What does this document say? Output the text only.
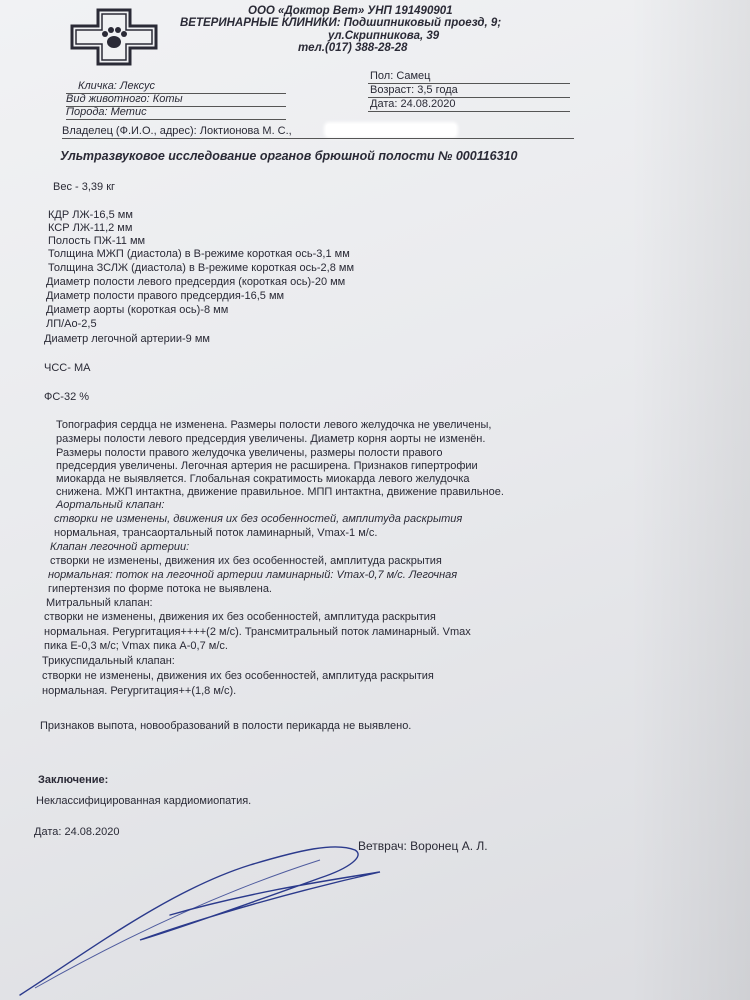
ООО «Доктор Вет» УНП 191490901
ВЕТЕРИНАРНЫЕ КЛИНИКИ: Подшипниковый проезд, 9;
ул.Скрипникова, 39
тел.(017) 388-28-28
Кличка: Лексус
Вид животного: Коты
Порода: Метис
Пол: Самец
Возраст: 3,5 года
Дата: 24.08.2020
Владелец (Ф.И.О., адрес): Локтионова М. С.,
Ультразвуковое исследование органов брюшной полости № 000116310
Вес - 3,39 кг
КДР ЛЖ-16,5 мм
КСР ЛЖ-11,2 мм
Полость ПЖ-11 мм
Толщина МЖП (диастола) в В-режиме короткая ось-3,1 мм
Толщина ЗСЛЖ (диастола) в В-режиме короткая ось-2,8 мм
Диаметр полости левого предсердия (короткая ось)-20 мм
Диаметр полости правого предсердия-16,5 мм
Диаметр аорты (короткая ось)-8 мм
ЛП/Ао-2,5
Диаметр легочной артерии-9 мм
ЧСС- МА
ФС-32 %
Топография сердца не изменена. Размеры полости левого желудочка не увеличены,
размеры полости левого предсердия увеличены. Диаметр корня аорты не изменён.
Размеры полости правого желудочка увеличены, размеры полости правого
предсердия увеличены. Легочная артерия не расширена. Признаков гипертрофии
миокарда не выявляется. Глобальная сократимость миокарда левого желудочка
снижена. МЖП интактна, движение правильное. МПП интактна, движение правильное.
Аортальный клапан:
створки не изменены, движения их без особенностей, амплитуда раскрытия
нормальная, трансаортальный поток ламинарный, Vmax-1 м/с.
Клапан легочной артерии:
створки не изменены, движения их без особенностей, амплитуда раскрытия
нормальная: поток на легочной артерии ламинарный: Vmax-0,7 м/с. Легочная
гипертензия по форме потока не выявлена.
Митральный клапан:
створки не изменены, движения их без особенностей, амплитуда раскрытия
нормальная. Регургитация++++(2 м/с). Трансмитральный поток ламинарный. Vmax
пика Е-0,3 м/с; Vmax пика А-0,7 м/с.
Трикуспидальный клапан:
створки не изменены, движения их без особенностей, амплитуда раскрытия
нормальная. Регургитация++(1,8 м/с).
Признаков выпота, новообразований в полости перикарда не выявлено.
Заключение:
Неклассифицированная кардиомиопатия.
Дата: 24.08.2020
Ветврач: Воронец А. Л.
